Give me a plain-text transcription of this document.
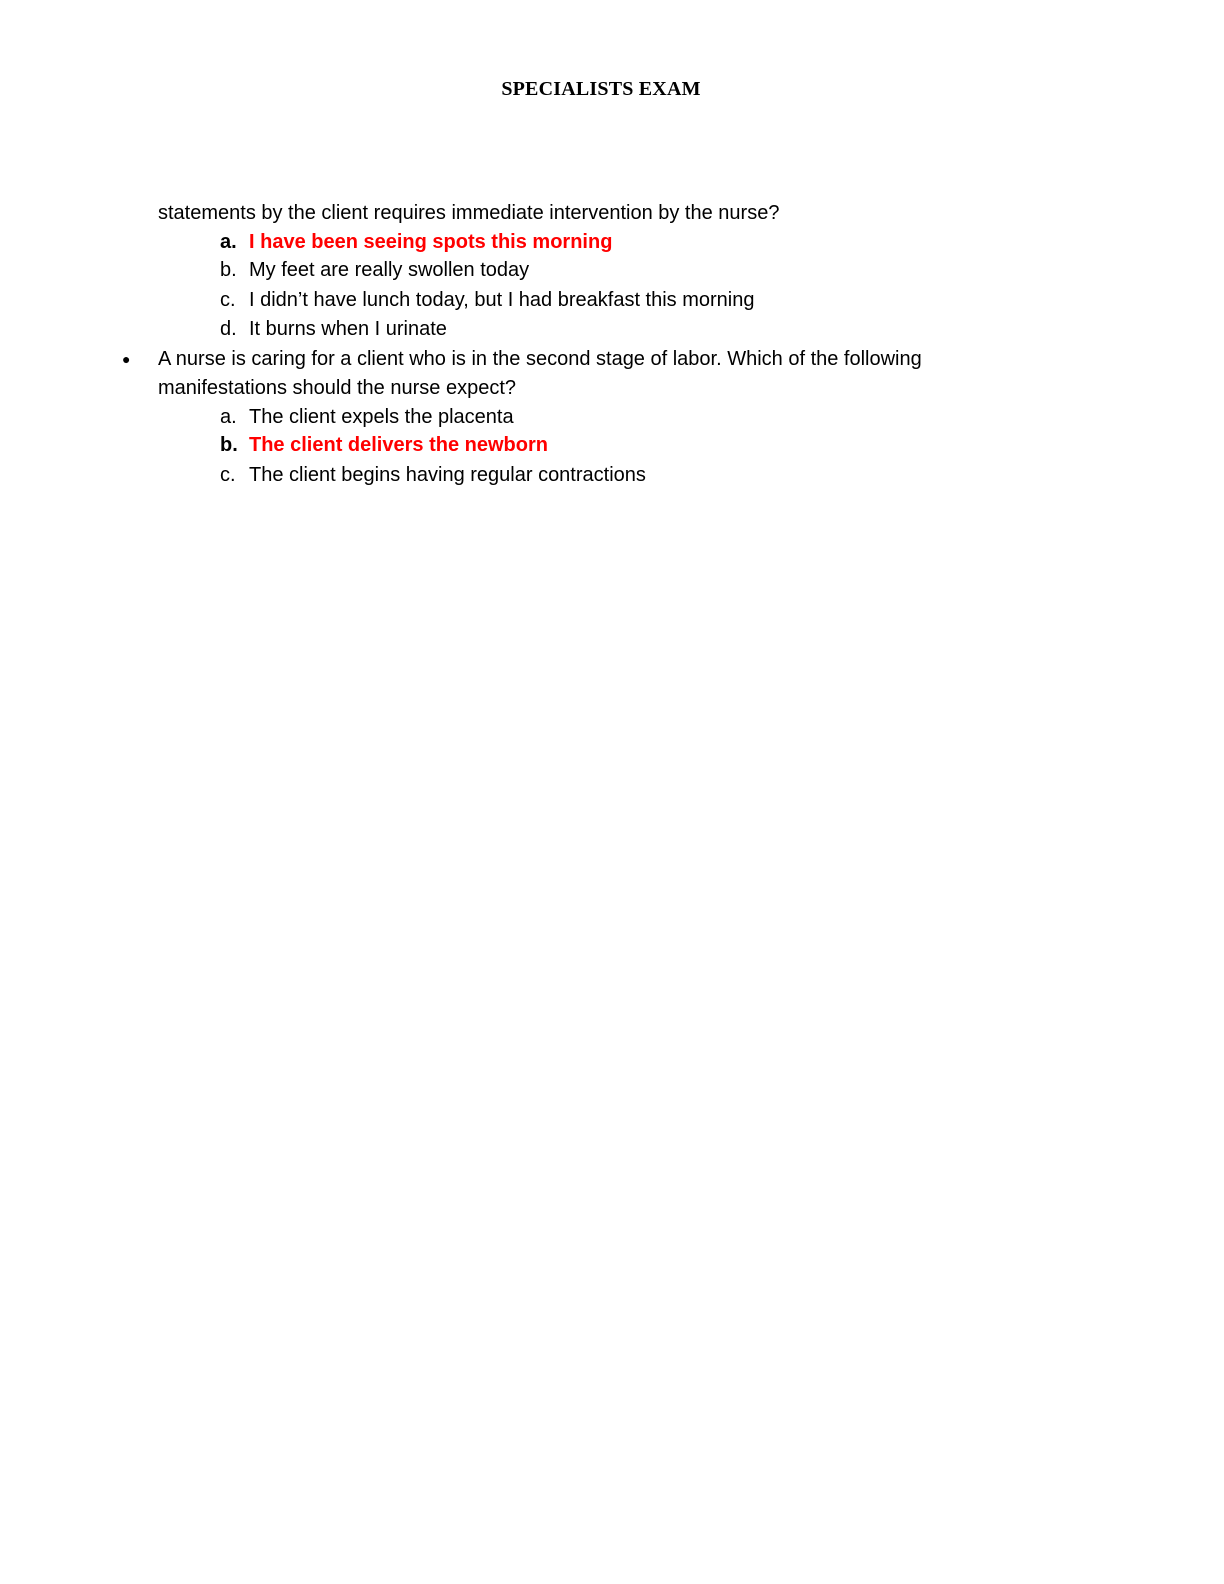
SPECIALISTS EXAM
statements by the client requires immediate intervention by the nurse?
a. I have been seeing spots this morning
b. My feet are really swollen today
c. I didn’t have lunch today, but I had breakfast this morning
d. It burns when I urinate
● A nurse is caring for a client who is in the second stage of labor. Which of the following
manifestations should the nurse expect?
a. The client expels the placenta
b. The client delivers the newborn
c. The client begins having regular contractions
